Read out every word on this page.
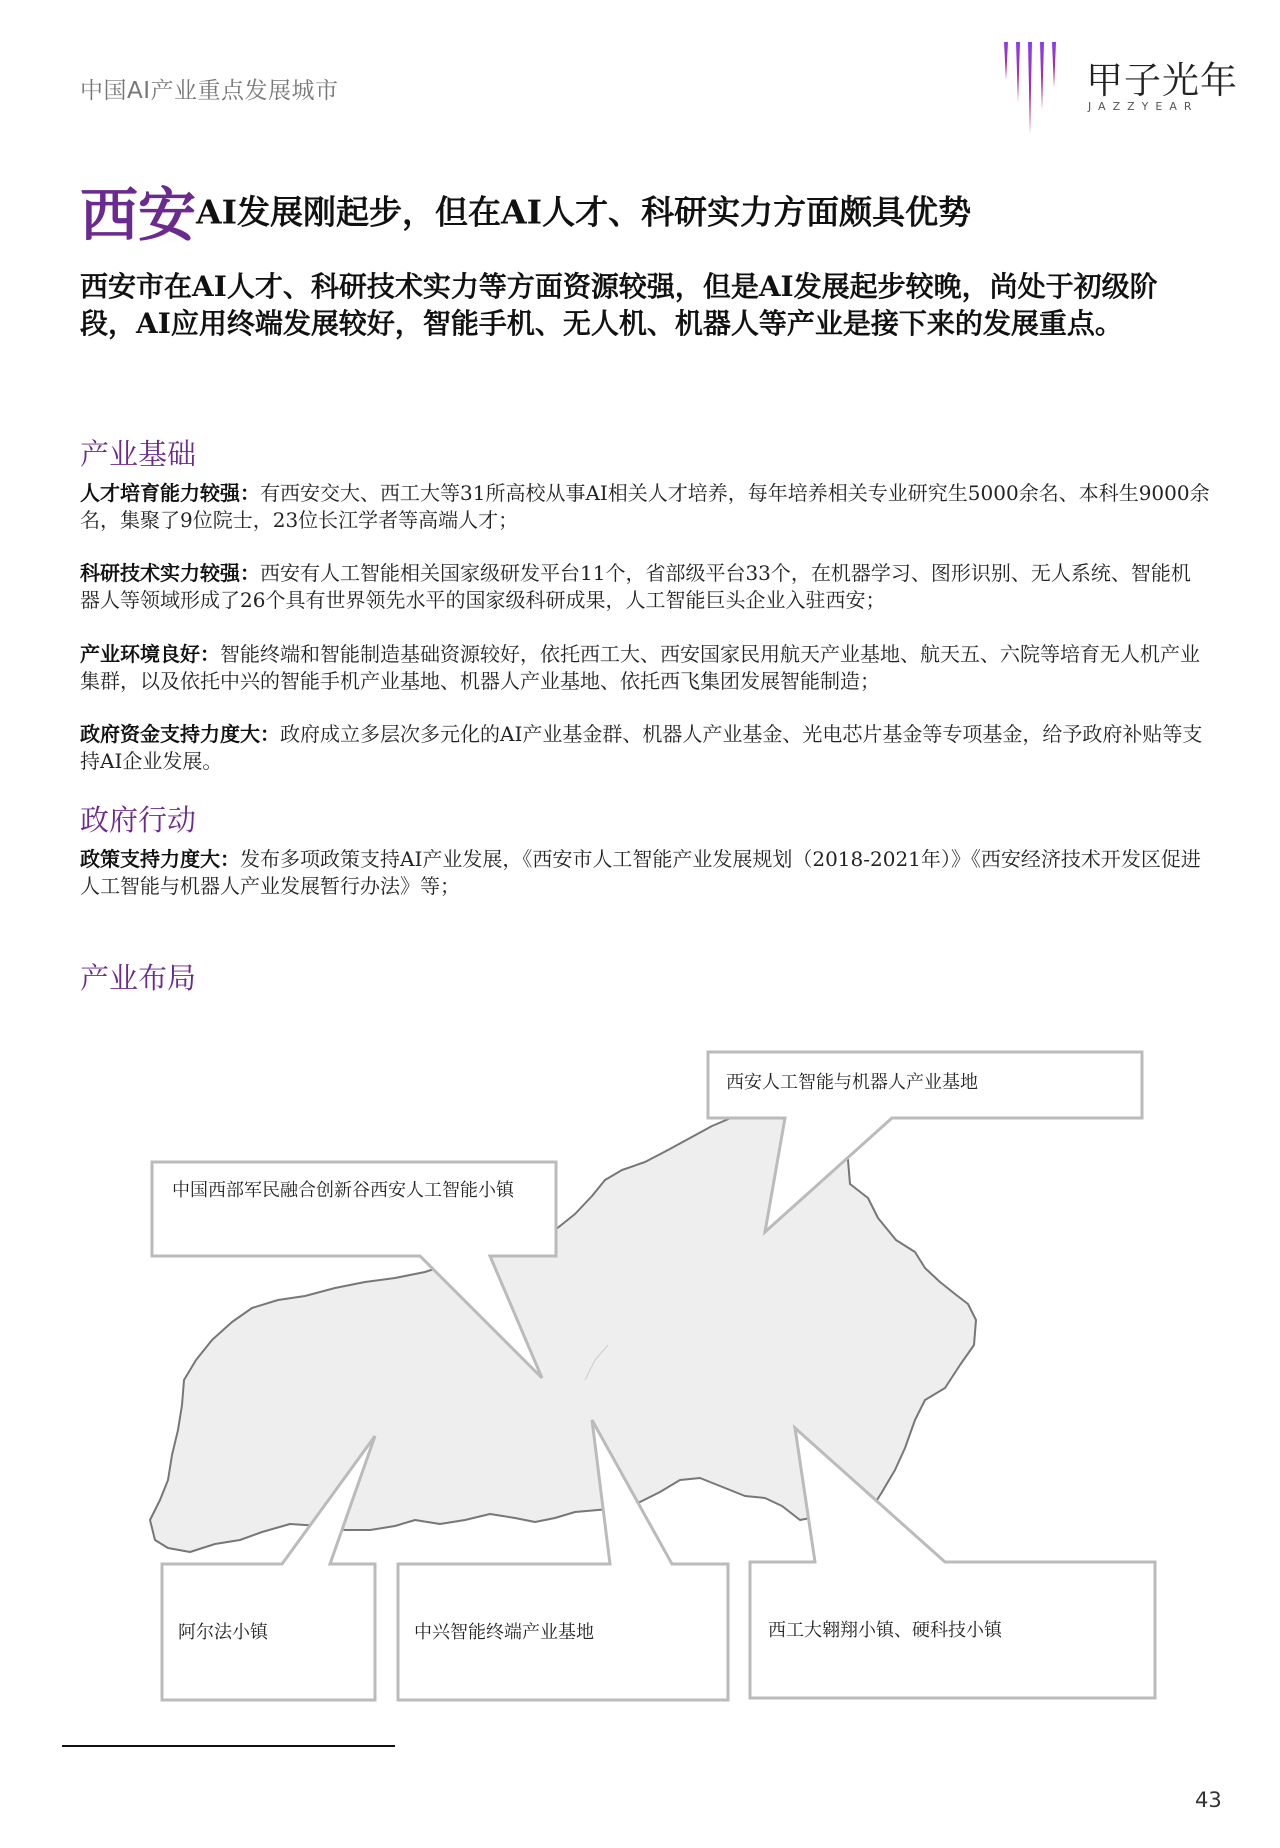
中国AI产业重点发展城市	甲子光年
JAZZYEAR
西安AI发展刚起步，但在AI人才、科研实力方面颇具优势
西安市在AI人才、科研技术实力等方面资源较强，但是AI发展起步较晚，尚处于初级阶段，AI应用终端发展较好，智能手机、无人机、机器人等产业是接下来的发展重点。
产业基础
人才培育能力较强：有西安交大、西工大等31所高校从事AI相关人才培养，每年培养相关专业研究生5000余名、本科生9000余名，集聚了9位院士，23位长江学者等高端人才；
科研技术实力较强：西安有人工智能相关国家级研发平台11个，省部级平台33个，在机器学习、图形识别、无人系统、智能机器人等领域形成了26个具有世界领先水平的国家级科研成果，人工智能巨头企业入驻西安；
产业环境良好：智能终端和智能制造基础资源较好，依托西工大、西安国家民用航天产业基地、航天五、六院等培育无人机产业集群，以及依托中兴的智能手机产业基地、机器人产业基地、依托西飞集团发展智能制造；
政府资金支持力度大：政府成立多层次多元化的AI产业基金群、机器人产业基金、光电芯片基金等专项基金，给予政府补贴等支持AI企业发展。
政府行动
政策支持力度大：发布多项政策支持AI产业发展，《西安市人工智能产业发展规划（2018-2021年）》《西安经济技术开发区促进人工智能与机器人产业发展暂行办法》等；
产业布局
西安人工智能与机器人产业基地
中国西部军民融合创新谷西安人工智能小镇
阿尔法小镇	中兴智能终端产业基地	西工大翱翔小镇、硬科技小镇
43
